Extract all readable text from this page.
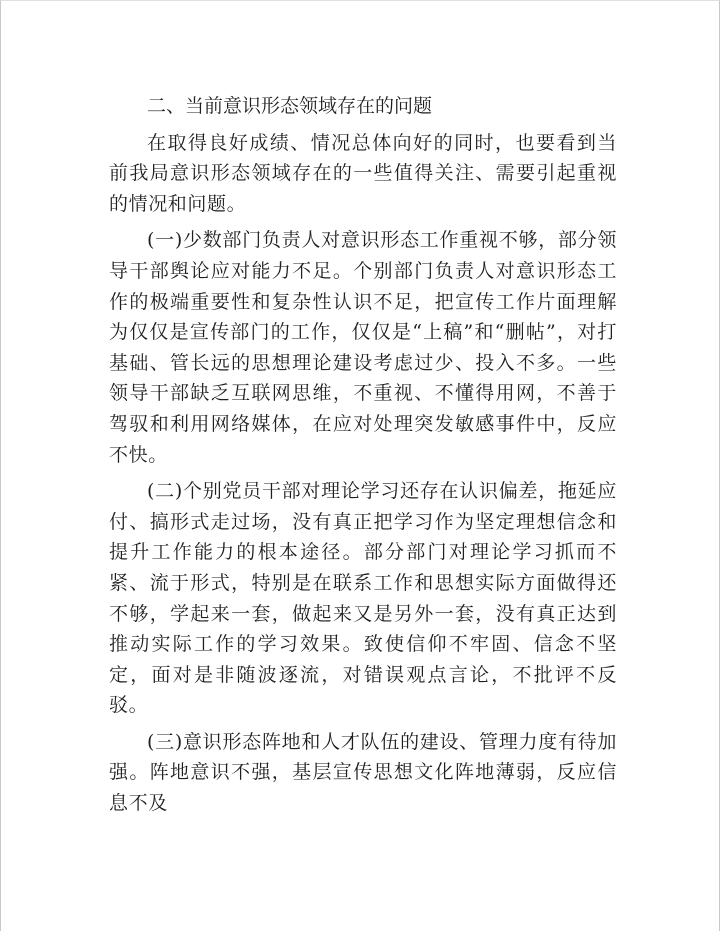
二、当前意识形态领域存在的问题

在取得良好成绩、情况总体向好的同时，也要看到当前我局意识形态领域存在的一些值得关注、需要引起重视的情况和问题。

(一)少数部门负责人对意识形态工作重视不够，部分领导干部舆论应对能力不足。个别部门负责人对意识形态工作的极端重要性和复杂性认识不足，把宣传工作片面理解为仅仅是宣传部门的工作，仅仅是“上稿”和“删帖”，对打基础、管长远的思想理论建设考虑过少、投入不多。一些领导干部缺乏互联网思维，不重视、不懂得用网，不善于驾驭和利用网络媒体，在应对处理突发敏感事件中，反应不快。

(二)个别党员干部对理论学习还存在认识偏差，拖延应付、搞形式走过场，没有真正把学习作为坚定理想信念和提升工作能力的根本途径。部分部门对理论学习抓而不紧、流于形式，特别是在联系工作和思想实际方面做得还不够，学起来一套，做起来又是另外一套，没有真正达到推动实际工作的学习效果。致使信仰不牢固、信念不坚定，面对是非随波逐流，对错误观点言论，不批评不反驳。

(三)意识形态阵地和人才队伍的建设、管理力度有待加强。阵地意识不强，基层宣传思想文化阵地薄弱，反应信息不及
